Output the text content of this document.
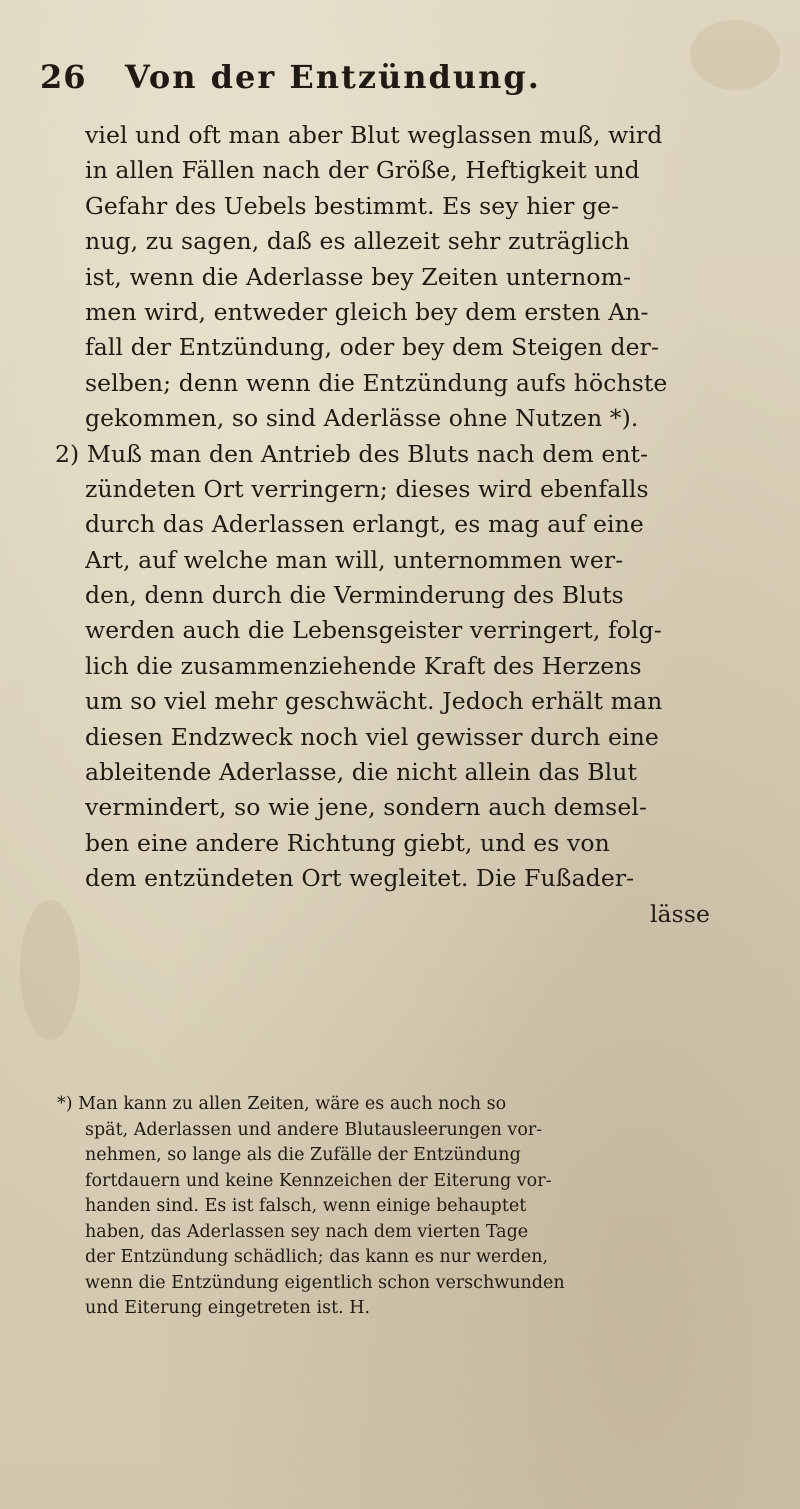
26 Von der Entzündung.
viel und oft man aber Blut weglassen muß, wird
in allen Fällen nach der Größe, Heftigkeit und
Gefahr des Uebels bestimmt. Es sey hier ge-
nug, zu sagen, daß es allezeit sehr zuträglich
ist, wenn die Aderlasse bey Zeiten unternom-
men wird, entweder gleich bey dem ersten An-
fall der Entzündung, oder bey dem Steigen der-
selben; denn wenn die Entzündung aufs höchste
gekommen, so sind Aderlässe ohne Nutzen *).
2) Muß man den Antrieb des Bluts nach dem ent-
zündeten Ort verringern; dieses wird ebenfalls
durch das Aderlassen erlangt, es mag auf eine
Art, auf welche man will, unternommen wer-
den, denn durch die Verminderung des Bluts
werden auch die Lebensgeister verringert, folg-
lich die zusammenziehende Kraft des Herzens
um so viel mehr geschwächt. Jedoch erhält man
diesen Endzweck noch viel gewisser durch eine
ableitende Aderlasse, die nicht allein das Blut
vermindert, so wie jene, sondern auch demsel-
ben eine andere Richtung giebt, und es von
dem entzündeten Ort wegleitet. Die Fußader-
lässe
*) Man kann zu allen Zeiten, wäre es auch noch so
spät, Aderlassen und andere Blutausleerungen vor-
nehmen, so lange als die Zufälle der Entzündung
fortdauern und keine Kennzeichen der Eiterung vor-
handen sind. Es ist falsch, wenn einige behauptet
haben, das Aderlassen sey nach dem vierten Tage
der Entzündung schädlich; das kann es nur werden,
wenn die Entzündung eigentlich schon verschwunden
und Eiterung eingetreten ist. H.
